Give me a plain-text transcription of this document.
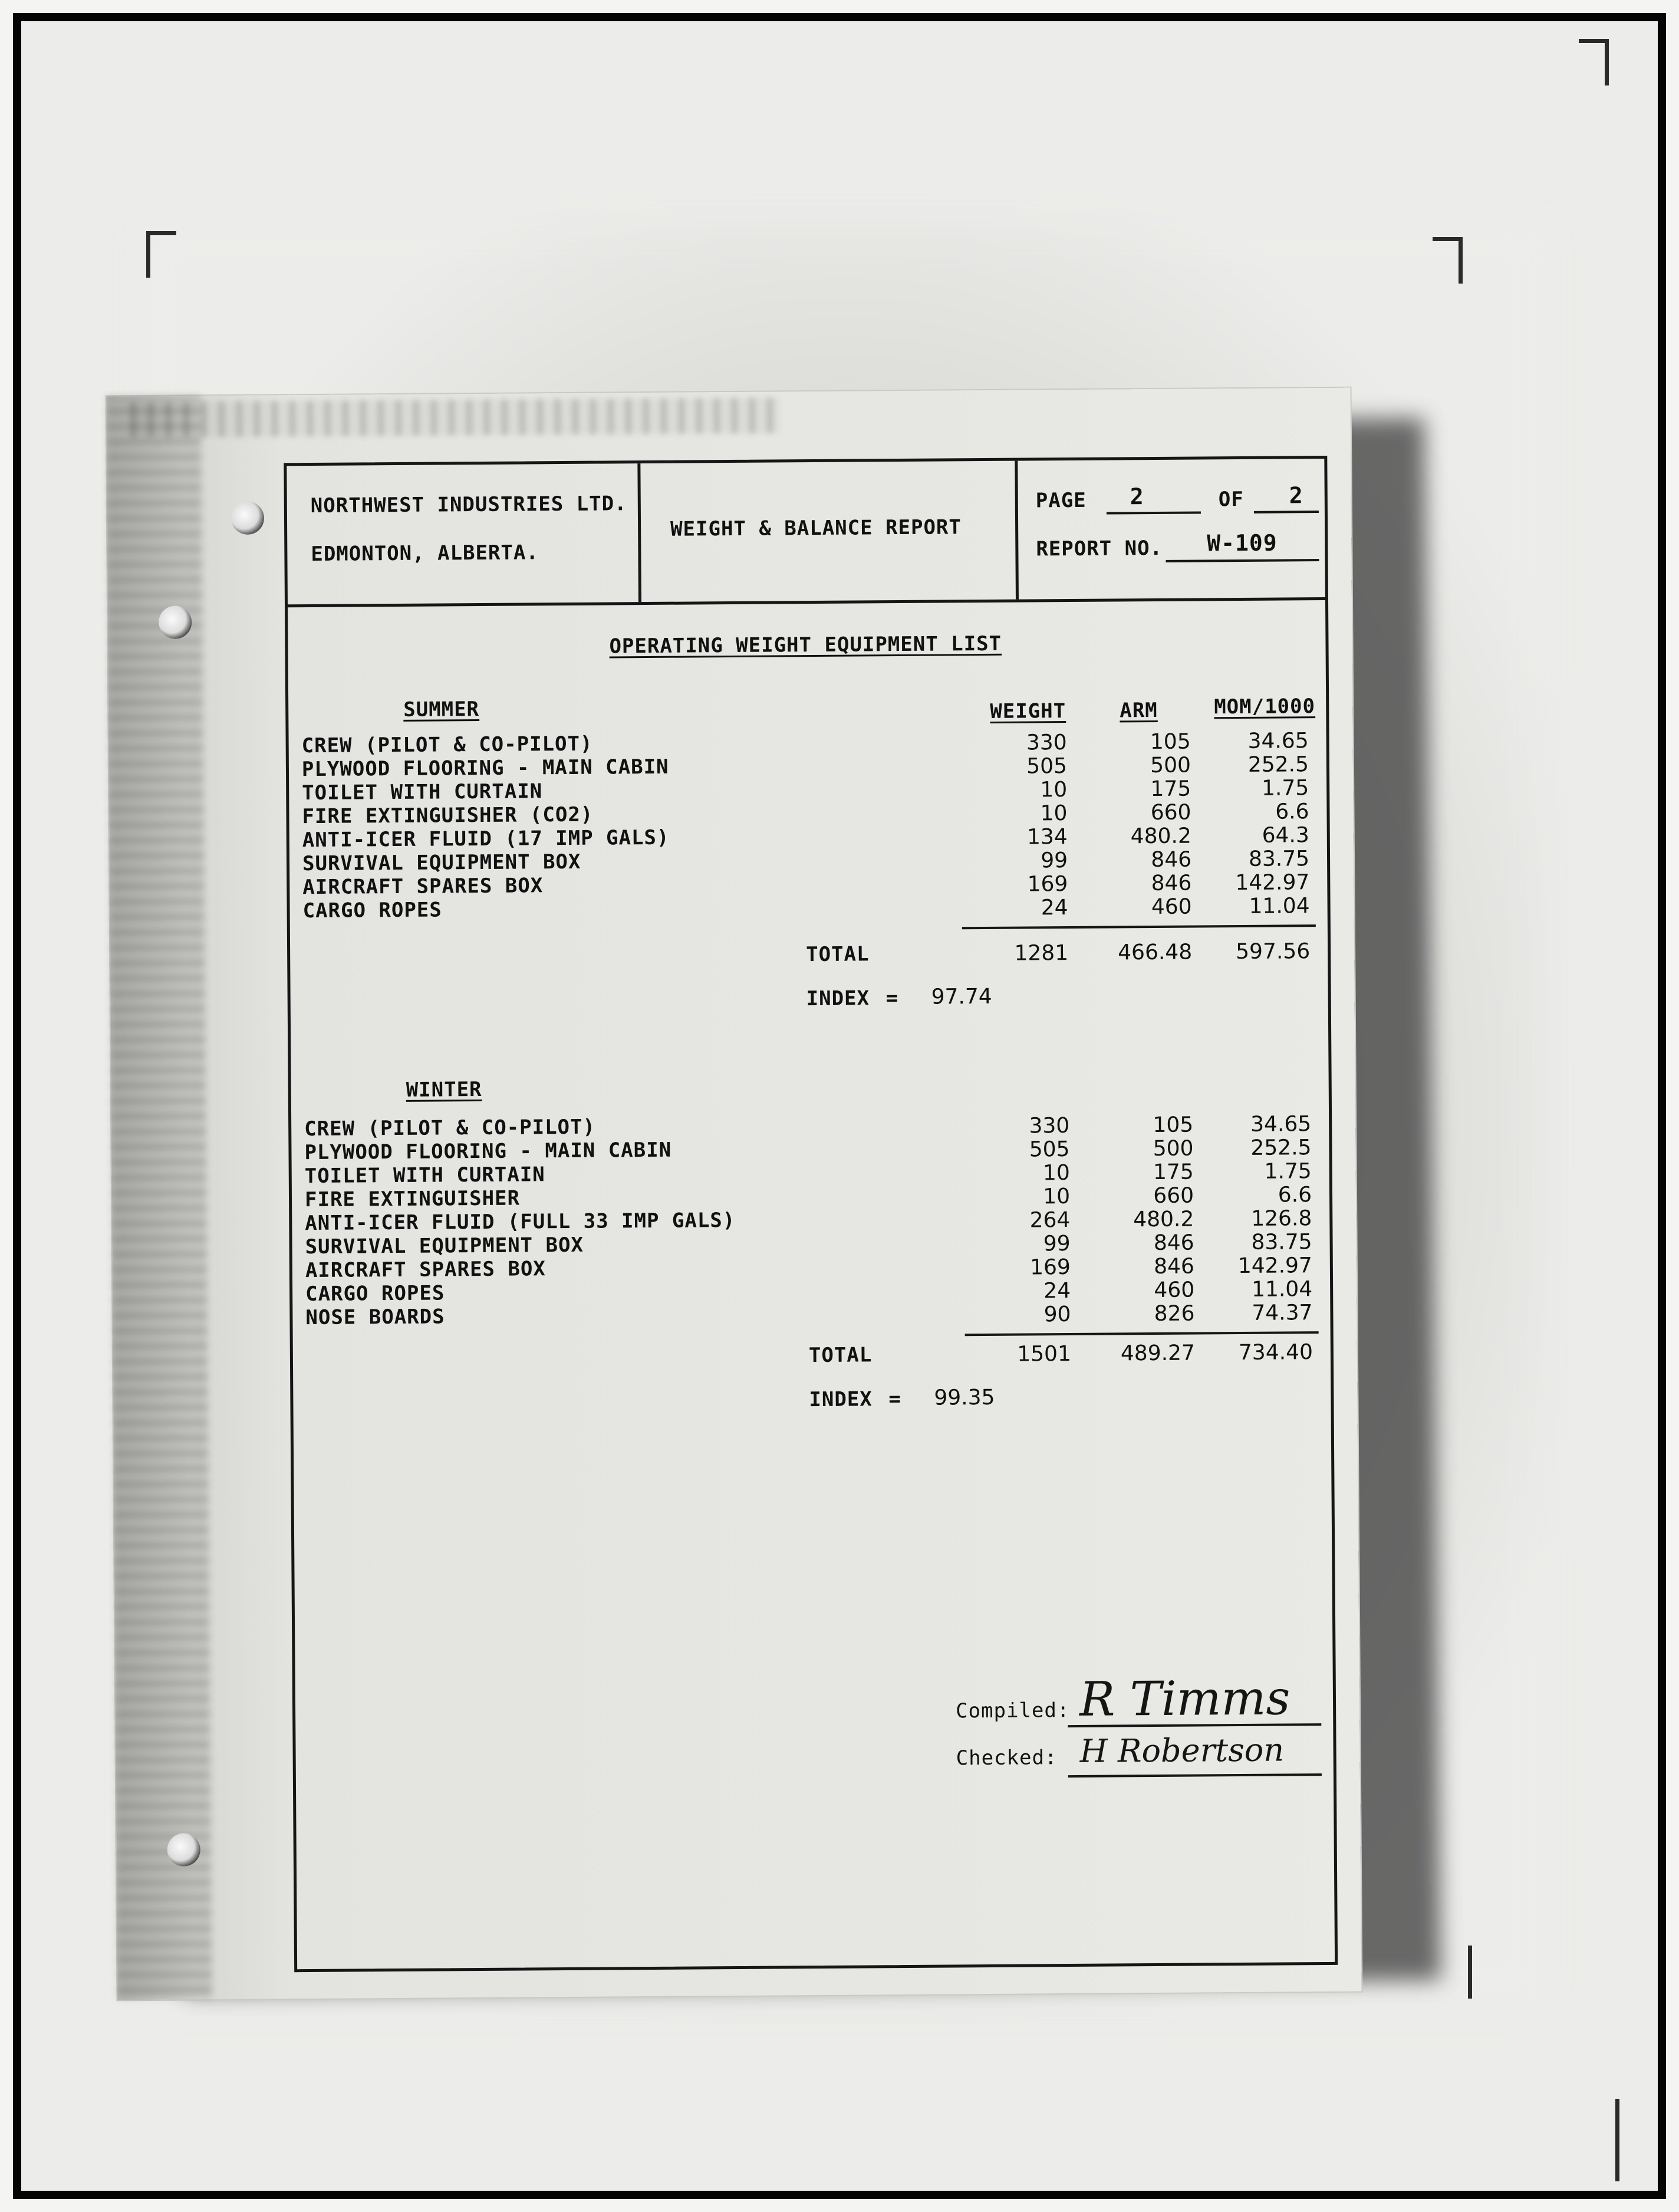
NORTHWEST INDUSTRIES LTD.
EDMONTON, ALBERTA.
WEIGHT & BALANCE REPORT
PAGE 2	OF 2
REPORT NO. W-109
OPERATING WEIGHT EQUIPMENT LIST
SUMMER	WEIGHT	ARM	MOM/1000
CREW (PILOT & CO-PILOT)	330	105	34.65
PLYWOOD FLOORING - MAIN CABIN	505	500	252.5
TOILET WITH CURTAIN	10	175	1.75
FIRE EXTINGUISHER (CO2)	10	660	6.6
ANTI-ICER FLUID (17 IMP GALS)	134	480.2	64.3
SURVIVAL EQUIPMENT BOX	99	846	83.75
AIRCRAFT SPARES BOX	169	846	142.97
CARGO ROPES	24	460	11.04
TOTAL	1281	466.48	597.56
INDEX =	97.74
WINTER
CREW (PILOT & CO-PILOT)	330	105	34.65
PLYWOOD FLOORING - MAIN CABIN	505	500	252.5
TOILET WITH CURTAIN	10	175	1.75
FIRE EXTINGUISHER	10	660	6.6
ANTI-ICER FLUID (FULL 33 IMP GALS)	264	480.2	126.8
SURVIVAL EQUIPMENT BOX	99	846	83.75
AIRCRAFT SPARES BOX	169	846	142.97
CARGO ROPES	24	460	11.04
NOSE BOARDS	90	826	74.37
TOTAL	1501	489.27	734.40
INDEX =	99.35
Compiled: R Timms
Checked: H Robertson
